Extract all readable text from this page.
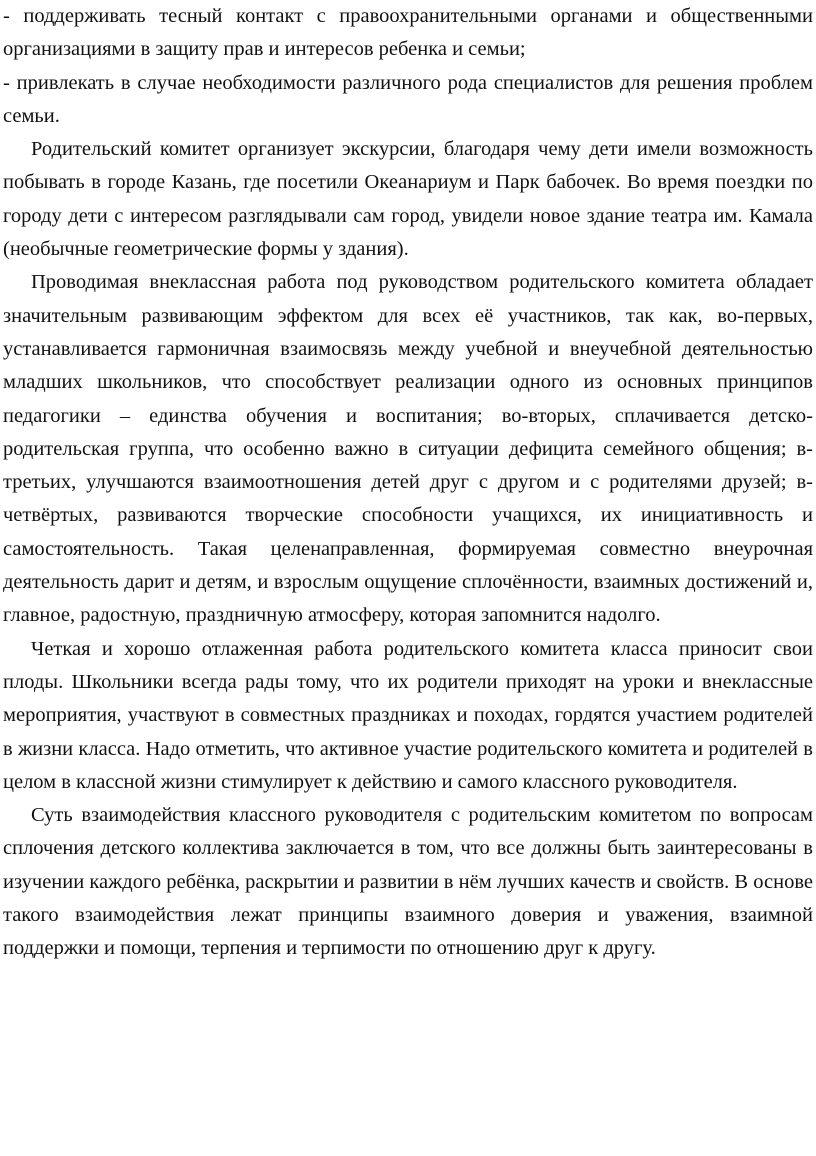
- поддерживать тесный контакт с правоохранительными органами и общественными организациями в защиту прав и интересов ребенка и семьи;

- привлекать в случае необходимости различного рода специалистов для решения проблем семьи.

Родительский комитет организует экскурсии, благодаря чему дети имели возможность побывать в городе Казань, где посетили Океанариум и Парк бабочек. Во время поездки по городу дети с интересом разглядывали сам город, увидели новое здание театра им. Камала (необычные геометрические формы у здания).

Проводимая внеклассная работа под руководством родительского комитета обладает значительным развивающим эффектом для всех её участников, так как, во-первых, устанавливается гармоничная взаимосвязь между учебной и внеучебной деятельностью младших школьников, что способствует реализации одного из основных принципов педагогики – единства обучения и воспитания; во-вторых, сплачивается детско-родительская группа, что особенно важно в ситуации дефицита семейного общения; в-третьих, улучшаются взаимоотношения детей друг с другом и с родителями друзей; в-четвёртых, развиваются творческие способности учащихся, их инициативность и самостоятельность. Такая целенаправленная, формируемая совместно внеурочная деятельность дарит и детям, и взрослым ощущение сплочённости, взаимных достижений и, главное, радостную, праздничную атмосферу, которая запомнится надолго.

Четкая и хорошо отлаженная работа родительского комитета класса приносит свои плоды. Школьники всегда рады тому, что их родители приходят на уроки и внеклассные мероприятия, участвуют в совместных праздниках и походах, гордятся участием родителей в жизни класса. Надо отметить, что активное участие родительского комитета и родителей в целом в классной жизни стимулирует к действию и самого классного руководителя.

Суть взаимодействия классного руководителя с родительским комитетом по вопросам сплочения детского коллектива заключается в том, что все должны быть заинтересованы в изучении каждого ребёнка, раскрытии и развитии в нём лучших качеств и свойств. В основе такого взаимодействия лежат принципы взаимного доверия и уважения, взаимной поддержки и помощи, терпения и терпимости по отношению друг к другу.
